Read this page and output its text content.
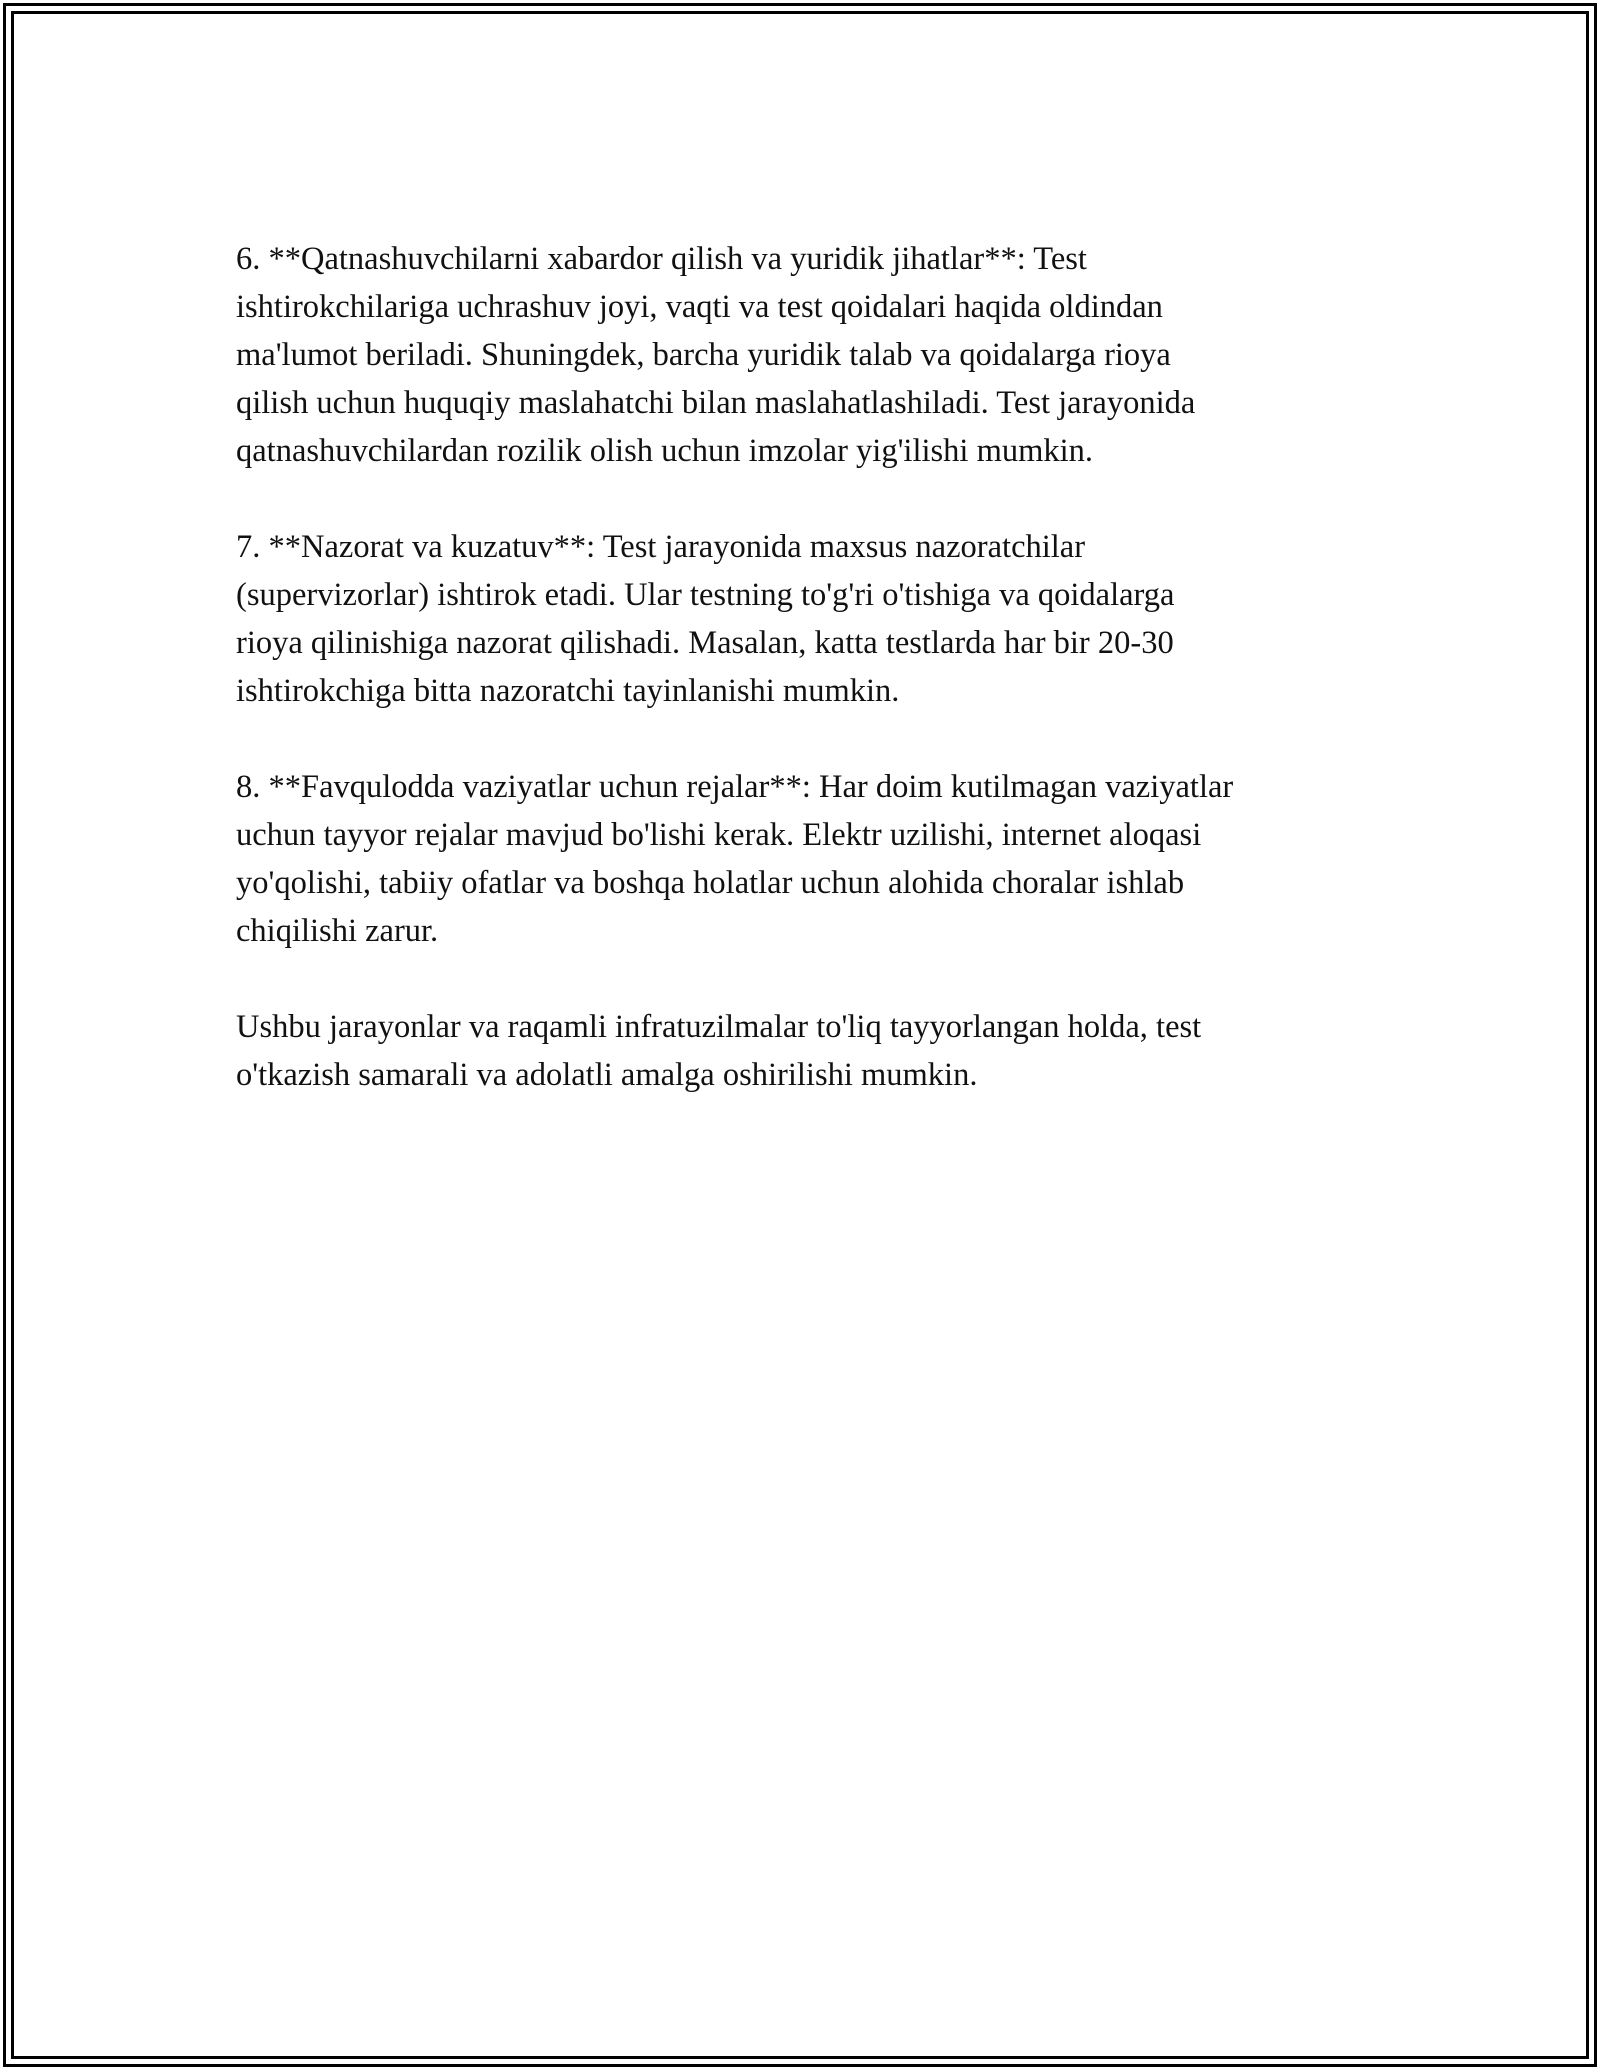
6. **Qatnashuvchilarni xabardor qilish va yuridik jihatlar**: Test
ishtirokchilariga uchrashuv joyi, vaqti va test qoidalari haqida oldindan
ma'lumot beriladi. Shuningdek, barcha yuridik talab va qoidalarga rioya
qilish uchun huquqiy maslahatchi bilan maslahatlashiladi. Test jarayonida
qatnashuvchilardan rozilik olish uchun imzolar yig'ilishi mumkin.

7. **Nazorat va kuzatuv**: Test jarayonida maxsus nazoratchilar
(supervizorlar) ishtirok etadi. Ular testning to'g'ri o'tishiga va qoidalarga
rioya qilinishiga nazorat qilishadi. Masalan, katta testlarda har bir 20-30
ishtirokchiga bitta nazoratchi tayinlanishi mumkin.

8. **Favqulodda vaziyatlar uchun rejalar**: Har doim kutilmagan vaziyatlar
uchun tayyor rejalar mavjud bo'lishi kerak. Elektr uzilishi, internet aloqasi
yo'qolishi, tabiiy ofatlar va boshqa holatlar uchun alohida choralar ishlab
chiqilishi zarur.

Ushbu jarayonlar va raqamli infratuzilmalar to'liq tayyorlangan holda, test
o'tkazish samarali va adolatli amalga oshirilishi mumkin.
